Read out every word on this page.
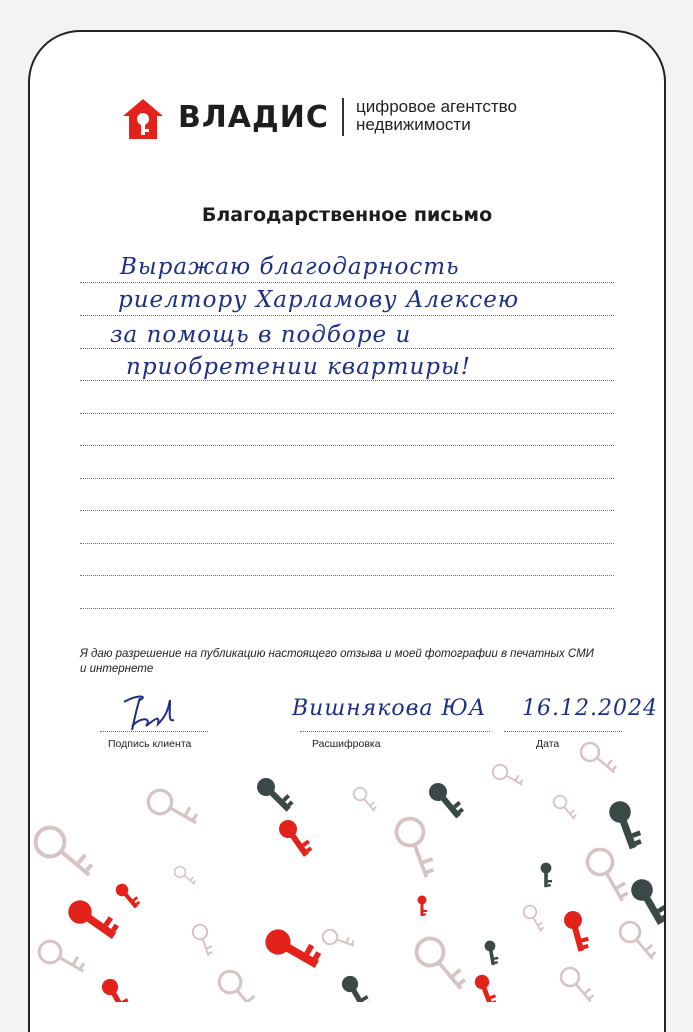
ВЛАДИС цифровое агентство
недвижимости
Благодарственное письмо
Выражаю благодарность
риелтору Харламову Алексею
за помощь в подборе и
приобретении квартиры!
Я даю разрешение на публикацию настоящего отзыва и моей фотографии в печатных СМИ и интернете
Подпись клиента
Вишнякова ЮА
Расшифровка
16.12.2024
Дата
